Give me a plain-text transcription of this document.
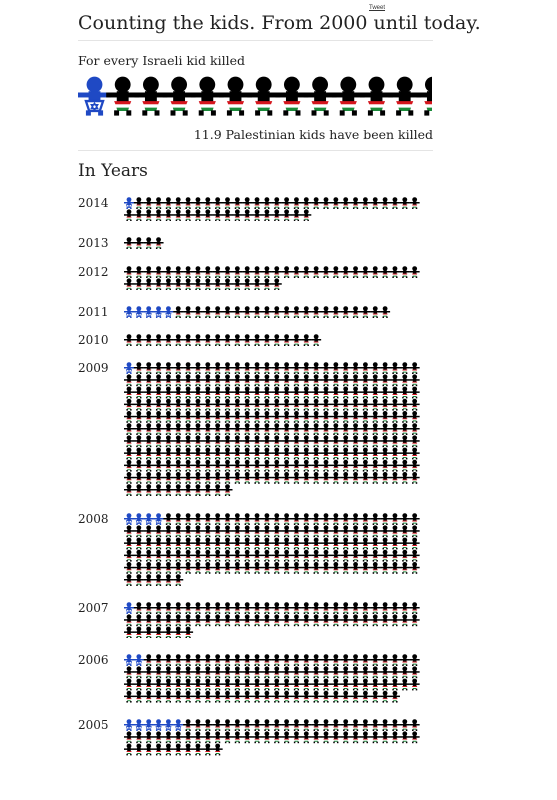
Tweet
Counting the kids. From 2000 until today.
For every Israeli kid killed
11.9 Palestinian kids have been killed
In Years
2014
2013
2012
2011
2010
2009
2008
2007
2006
2005
